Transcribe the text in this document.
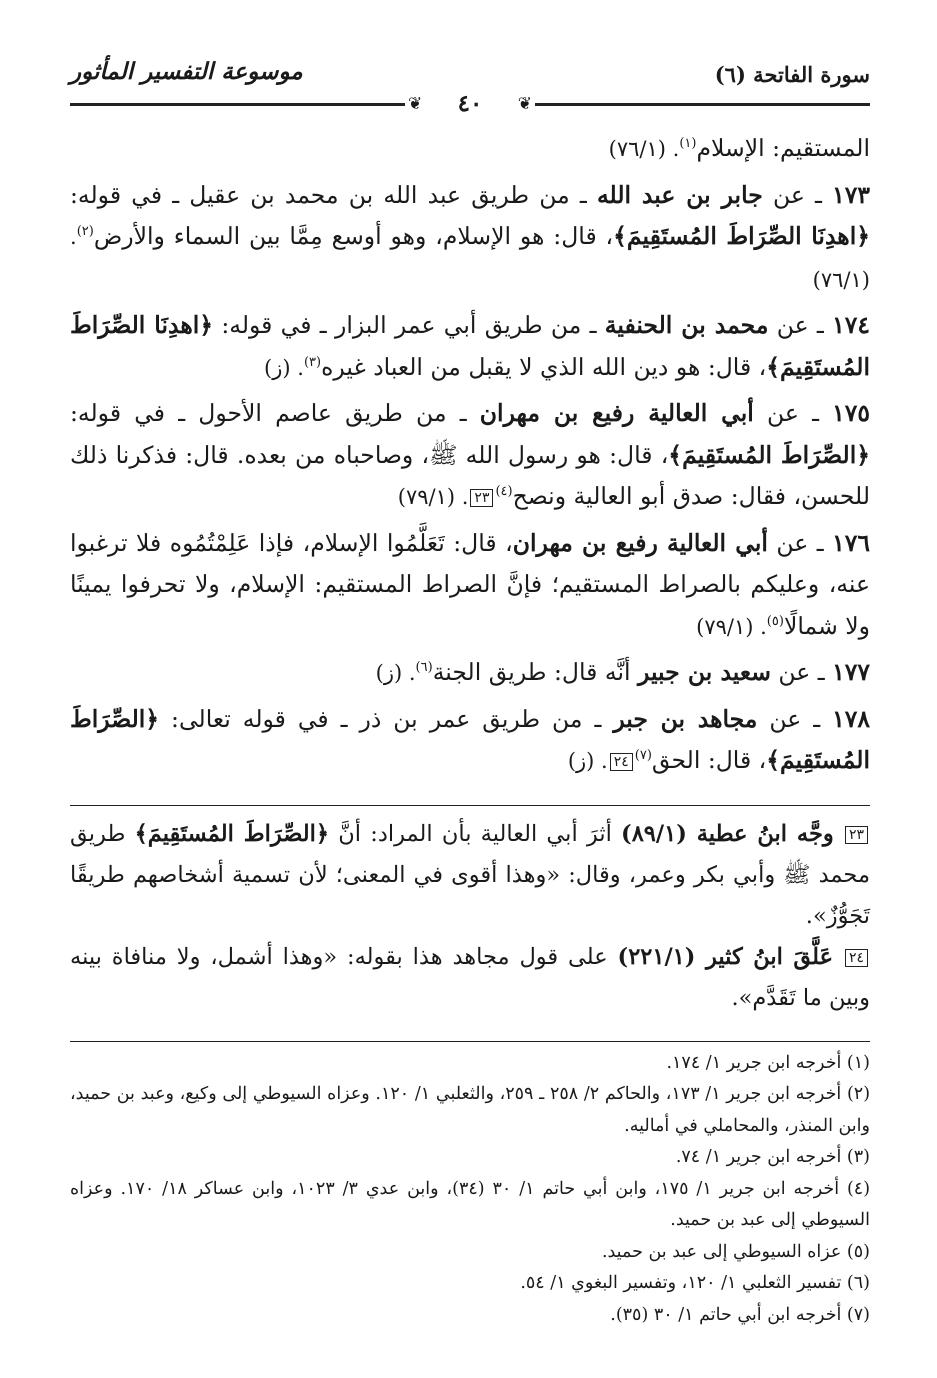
سورة الفاتحة (٦)
موسوعة التفسير المأثور
❦
٤٠
❦

المستقيم: الإسلام$^{(١)}$. (٧٦/١)

١٧٣ ـ عن جابر بن عبد الله ـ من طريق عبد الله بن محمد بن عقيل ـ في قوله: ﴿اهدِنَا الصِّرَاطَ المُستَقِيمَ﴾، قال: هو الإسلام، وهو أوسع مِمَّا بين السماء والأرض$^{(٢)}$. (٧٦/١)

١٧٤ ـ عن محمد بن الحنفية ـ من طريق أبي عمر البزار ـ في قوله: ﴿اهدِنَا الصِّرَاطَ المُستَقِيمَ﴾، قال: هو دين الله الذي لا يقبل من العباد غيره$^{(٣)}$. (ز)

١٧٥ ـ عن أبي العالية رفيع بن مهران ـ من طريق عاصم الأحول ـ في قوله: ﴿الصِّرَاطَ المُستَقِيمَ﴾، قال: هو رسول الله ﷺ، وصاحباه من بعده. قال: فذكرنا ذلك للحسن، فقال: صدق أبو العالية ونصح$^{(٤)}$٢٣. (٧٩/١)

١٧٦ ـ عن أبي العالية رفيع بن مهران، قال: تَعَلَّمُوا الإسلام، فإذا عَلِمْتُمُوه فلا ترغبوا عنه، وعليكم بالصراط المستقيم؛ فإنَّ الصراط المستقيم: الإسلام، ولا تحرفوا يمينًا ولا شمالًا$^{(٥)}$. (٧٩/١)

١٧٧ ـ عن سعيد بن جبير أنَّه قال: طريق الجنة$^{(٦)}$. (ز)

١٧٨ ـ عن مجاهد بن جبر ـ من طريق عمر بن ذر ـ في قوله تعالى: ﴿الصِّرَاطَ المُستَقِيمَ﴾، قال: الحق$^{(٧)}$٢٤. (ز)

٢٣ وجَّه ابنُ عطية (٨٩/١) أثرَ أبي العالية بأن المراد: أنَّ ﴿الصِّرَاطَ المُستَقِيمَ﴾ طريق محمد ﷺ وأبي بكر وعمر، وقال: «وهذا أقوى في المعنى؛ لأن تسمية أشخاصهم طريقًا تَجَوُّزٌ».

٢٤ عَلَّقَ ابنُ كثير (٢٢١/١) على قول مجاهد هذا بقوله: «وهذا أشمل، ولا منافاة بينه وبين ما تَقَدَّم».

(١) أخرجه ابن جرير ١/ ١٧٤.

(٢) أخرجه ابن جرير ١/ ١٧٣، والحاكم ٢/ ٢٥٨ ـ ٢٥٩، والثعلبي ١/ ١٢٠. وعزاه السيوطي إلى وكيع، وعبد بن حميد، وابن المنذر، والمحاملي في أماليه.

(٣) أخرجه ابن جرير ١/ ٧٤.

(٤) أخرجه ابن جرير ١/ ١٧٥، وابن أبي حاتم ١/ ٣٠ (٣٤)، وابن عدي ٣/ ١٠٢٣، وابن عساكر ١٨/ ١٧٠. وعزاه السيوطي إلى عبد بن حميد.

(٥) عزاه السيوطي إلى عبد بن حميد.

(٦) تفسير الثعلبي ١/ ١٢٠، وتفسير البغوي ١/ ٥٤.

(٧) أخرجه ابن أبي حاتم ١/ ٣٠ (٣٥).
